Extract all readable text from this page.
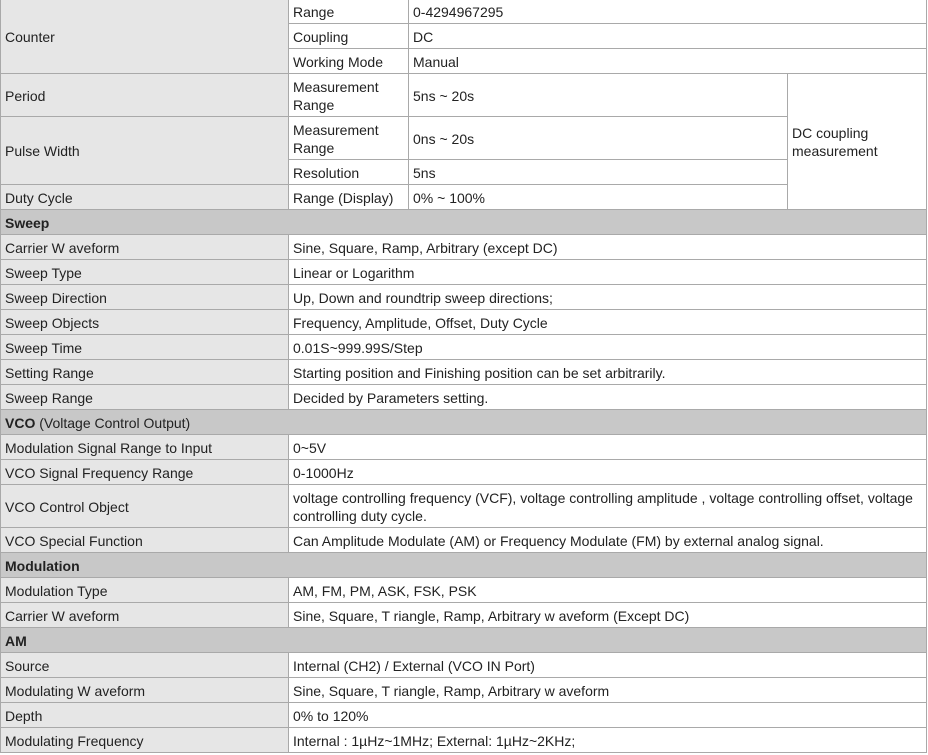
Counter	Range	0-4294967295	
	Coupling	DC	
	Working Mode	Manual	
Period	Measurement Range	5ns ~ 20s	DC coupling measurement
Pulse Width	Measurement Range	0ns ~ 20s	
	Resolution	5ns	
Duty Cycle	Range (Display)	0% ~ 100%	
Sweep			
Carrier W aveform	Sine, Square, Ramp, Arbitrary (except DC)		
Sweep Type	Linear or Logarithm		
Sweep Direction	Up, Down and roundtrip sweep directions;		
Sweep Objects	Frequency, Amplitude, Offset, Duty Cycle		
Sweep Time	0.01S~999.99S/Step		
Setting Range	Starting position and Finishing position can be set arbitrarily.		
Sweep Range	Decided by Parameters setting.		
VCO (Voltage Control Output)			
Modulation Signal Range to Input	0~5V		
VCO Signal Frequency Range	0-1000Hz		
VCO Control Object	voltage controlling frequency (VCF), voltage controlling amplitude , voltage controlling offset, voltage controlling duty cycle.		
VCO Special Function	Can Amplitude Modulate (AM) or Frequency Modulate (FM) by external analog signal.		
Modulation			
Modulation Type	AM, FM, PM, ASK, FSK, PSK		
Carrier W aveform	Sine, Square, T riangle, Ramp, Arbitrary w aveform (Except DC)		
AM			
Source	Internal (CH2) / External (VCO IN Port)		
Modulating W aveform	Sine, Square, T riangle, Ramp, Arbitrary w aveform		
Depth	0% to 120%		
Modulating Frequency	Internal : 1µHz~1MHz; External: 1µHz~2KHz;		
